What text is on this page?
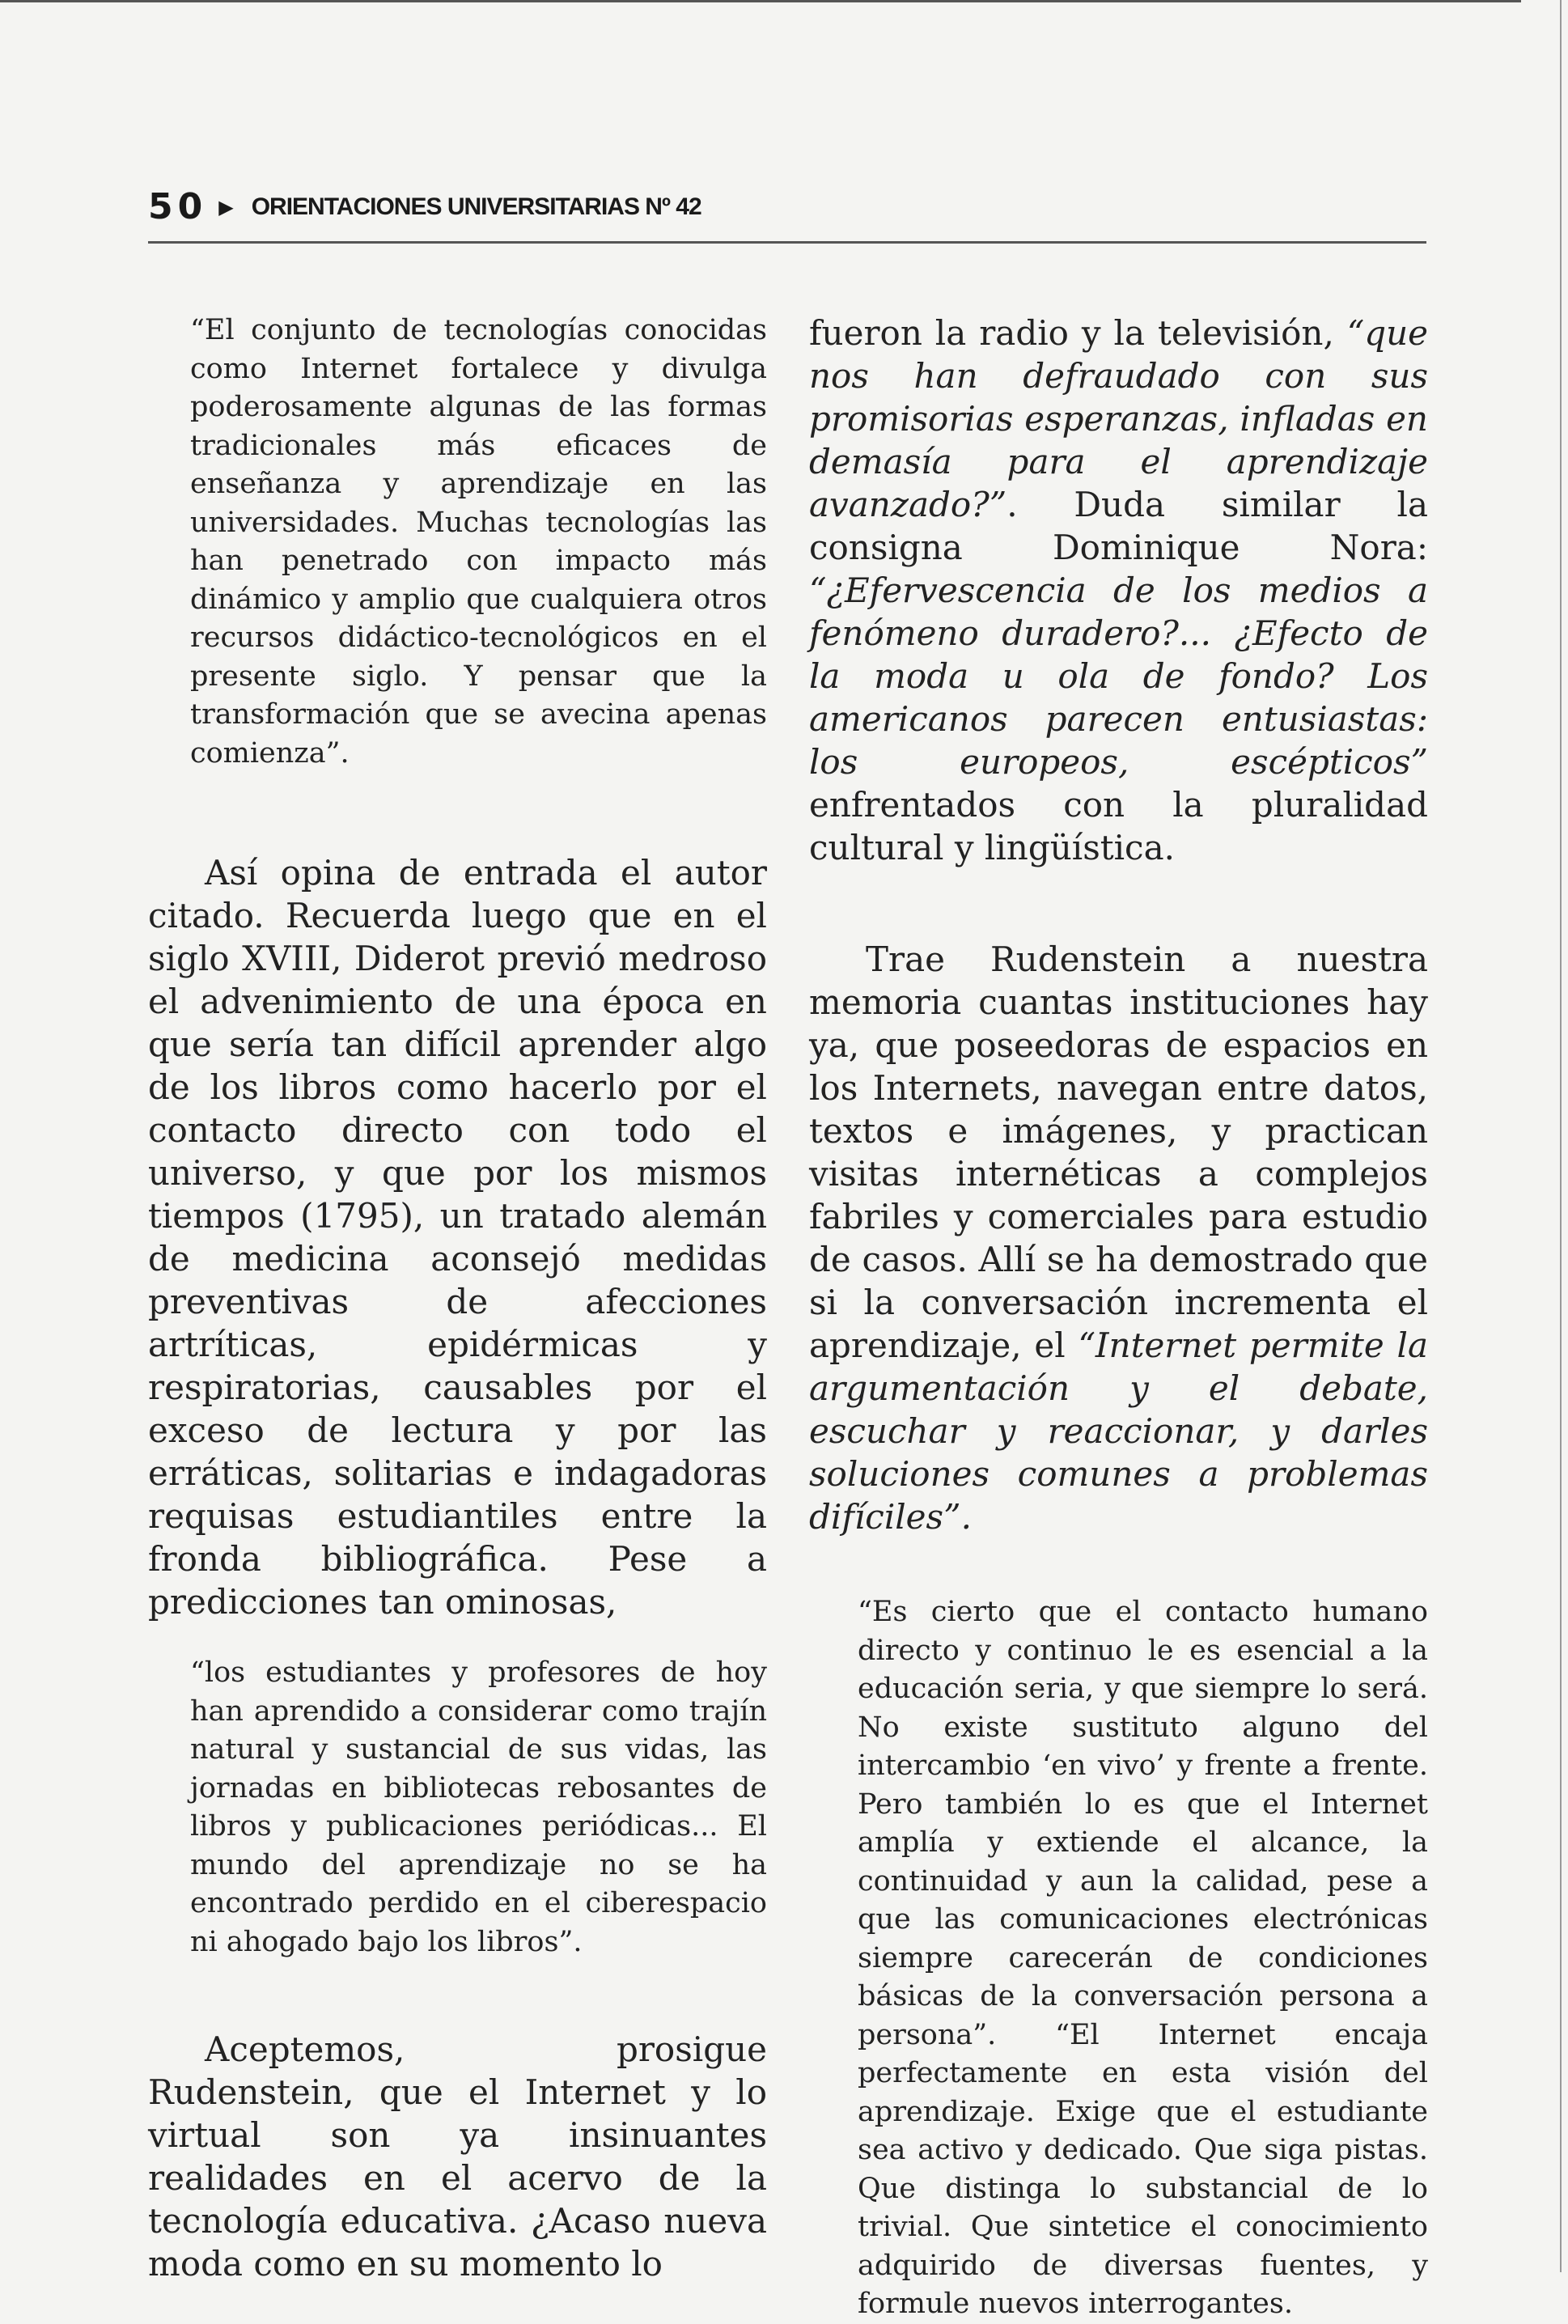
50 ▶ ORIENTACIONES UNIVERSITARIAS Nº 42

“El conjunto de tecnologías conocidas como Internet fortalece y divulga poderosamente algunas de las formas tradicionales más eficaces de enseñanza y aprendizaje en las universidades. Muchas tecnologías las han penetrado con impacto más dinámico y amplio que cualquiera otros recursos didáctico-tecnológicos en el presente siglo. Y pensar que la transformación que se avecina apenas comienza”.

Así opina de entrada el autor citado. Recuerda luego que en el siglo XVIII, Diderot previó medroso el advenimiento de una época en que sería tan difícil aprender algo de los libros como hacerlo por el contacto directo con todo el universo, y que por los mismos tiempos (1795), un tratado alemán de medicina aconsejó medidas preventivas de afecciones artríticas, epidérmicas y respiratorias, causables por el exceso de lectura y por las erráticas, solitarias e indagadoras requisas estudiantiles entre la fronda bibliográfica. Pese a predicciones tan ominosas,

“los estudiantes y profesores de hoy han aprendido a considerar como trajín natural y sustancial de sus vidas, las jornadas en bibliotecas rebosantes de libros y publicaciones periódicas... El mundo del aprendizaje no se ha encontrado perdido en el ciberespacio ni ahogado bajo los libros”.

Aceptemos, prosigue Rudenstein, que el Internet y lo virtual son ya insinuantes realidades en el acervo de la tecnología educativa. ¿Acaso nueva moda como en su momento lo

fueron la radio y la televisión, “que nos han defraudado con sus promisorias esperanzas, infladas en demasía para el aprendizaje avanzado?”. Duda similar la consigna Dominique Nora: “¿Efervescencia de los medios a fenómeno duradero?... ¿Efecto de la moda u ola de fondo? Los americanos parecen entusiastas: los europeos, escépticos” enfrentados con la pluralidad cultural y lingüística.

Trae Rudenstein a nuestra memoria cuantas instituciones hay ya, que poseedoras de espacios en los Internets, navegan entre datos, textos e imágenes, y practican visitas internéticas a complejos fabriles y comerciales para estudio de casos. Allí se ha demostrado que si la conversación incrementa el aprendizaje, el “Internet permite la argumentación y el debate, escuchar y reaccionar, y darles soluciones comunes a problemas difíciles”.

“Es cierto que el contacto humano directo y continuo le es esencial a la educación seria, y que siempre lo será. No existe sustituto alguno del intercambio ‘en vivo’ y frente a frente. Pero también lo es que el Internet amplía y extiende el alcance, la continuidad y aun la calidad, pese a que las comunicaciones electrónicas siempre carecerán de condiciones básicas de la conversación persona a persona”. “El Internet encaja perfectamente en esta visión del aprendizaje. Exige que el estudiante sea activo y dedicado. Que siga pistas. Que distinga lo substancial de lo trivial. Que sintetice el conocimiento adquirido de diversas fuentes, y formule nuevos interrogantes.
